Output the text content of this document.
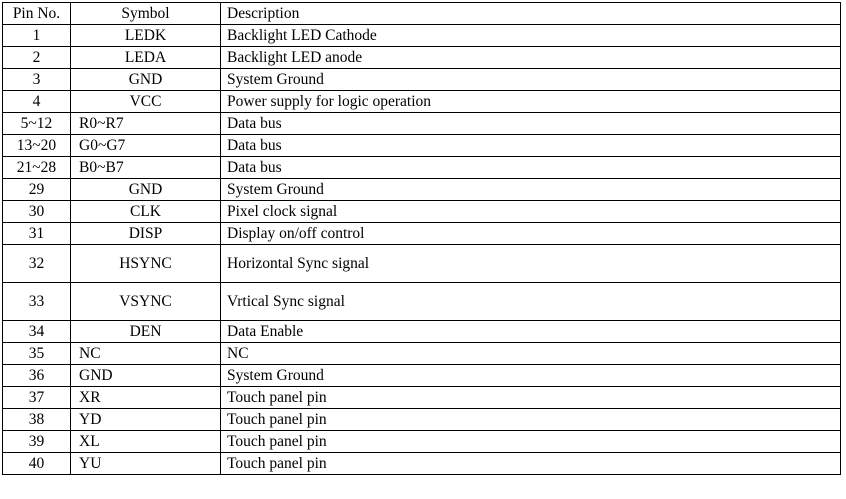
Pin No.	Symbol	Description
1	LEDK	Backlight LED Cathode
2	LEDA	Backlight LED anode
3	GND	System Ground
4	VCC	Power supply for logic operation
5~12	R0~R7	Data bus
13~20	G0~G7	Data bus
21~28	B0~B7	Data bus
29	GND	System Ground
30	CLK	Pixel clock signal
31	DISP	Display on/off control
32	HSYNC	Horizontal Sync signal
33	VSYNC	Vrtical Sync signal
34	DEN	Data Enable
35	NC	NC
36	GND	System Ground
37	XR	Touch panel pin
38	YD	Touch panel pin
39	XL	Touch panel pin
40	YU	Touch panel pin
